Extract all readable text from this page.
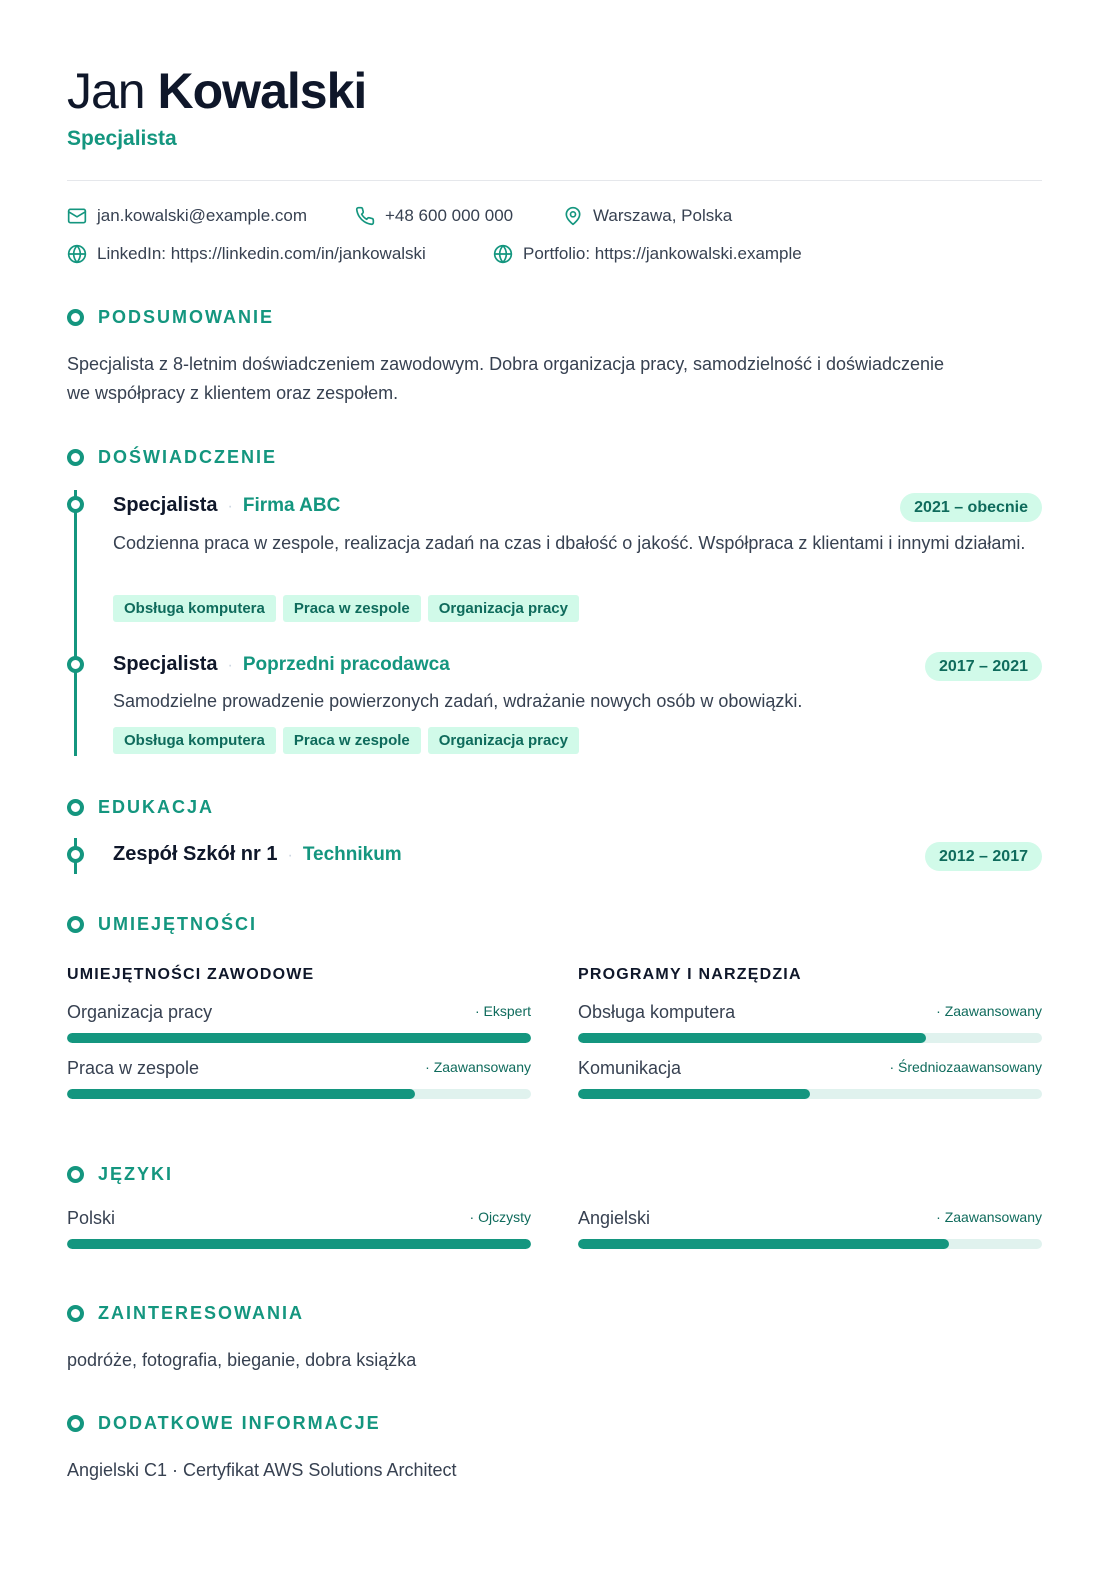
Jan Kowalski
Specjalista
jan.kowalski@example.com	+48 600 000 000	Warszawa, Polska
LinkedIn: https://linkedin.com/in/jankowalski	Portfolio: https://jankowalski.example
PODSUMOWANIE
Specjalista z 8-letnim doświadczeniem zawodowym. Dobra organizacja pracy, samodzielność i doświadczenie we współpracy z klientem oraz zespołem.
DOŚWIADCZENIE
Specjalista · Firma ABC	2021 – obecnie
Codzienna praca w zespole, realizacja zadań na czas i dbałość o jakość. Współpraca z klientami i innymi działami.
Obsługa komputera	Praca w zespole	Organizacja pracy
Specjalista · Poprzedni pracodawca	2017 – 2021
Samodzielne prowadzenie powierzonych zadań, wdrażanie nowych osób w obowiązki.
Obsługa komputera	Praca w zespole	Organizacja pracy
EDUKACJA
Zespół Szkół nr 1 · Technikum	2012 – 2017
UMIEJĘTNOŚCI
UMIEJĘTNOŚCI ZAWODOWE
Organizacja pracy	· Ekspert
Praca w zespole	· Zaawansowany
PROGRAMY I NARZĘDZIA
Obsługa komputera	· Zaawansowany
Komunikacja	· Średniozaawansowany
JĘZYKI
Polski	· Ojczysty	Angielski	· Zaawansowany
ZAINTERESOWANIA
podróże, fotografia, bieganie, dobra książka
DODATKOWE INFORMACJE
Angielski C1 · Certyfikat AWS Solutions Architect
